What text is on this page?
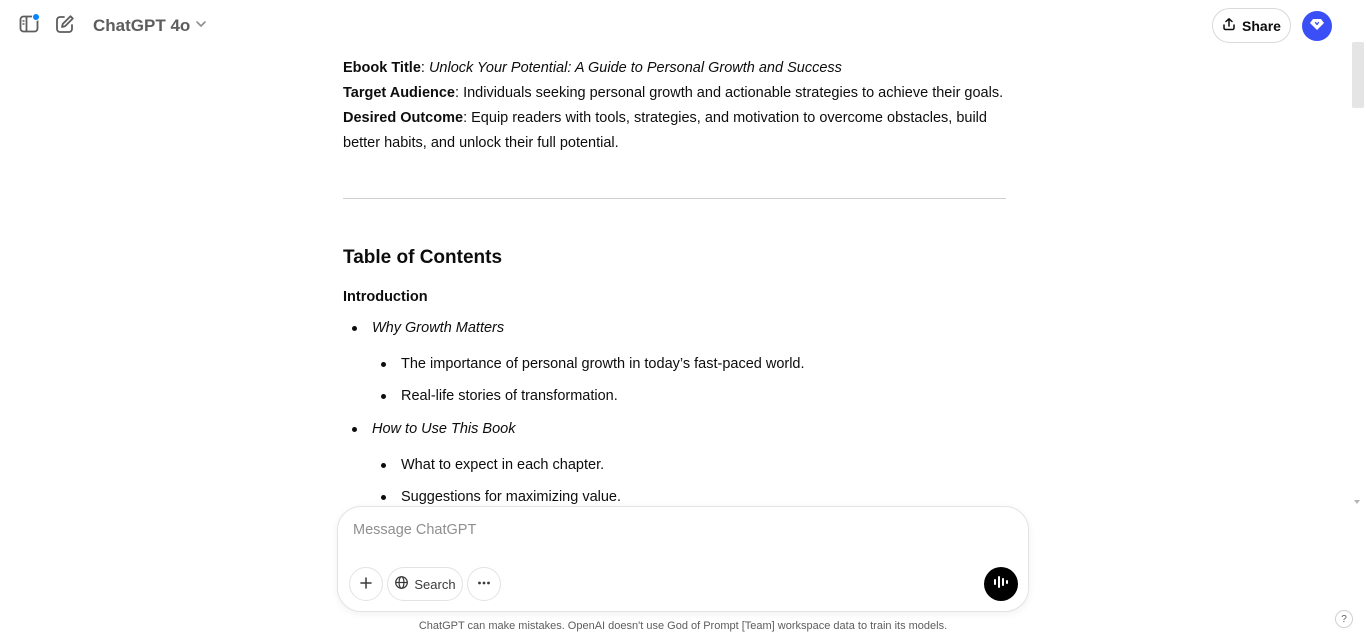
ChatGPT 4o	Share
Ebook Title: Unlock Your Potential: A Guide to Personal Growth and Success
Target Audience: Individuals seeking personal growth and actionable strategies to achieve their goals.
Desired Outcome: Equip readers with tools, strategies, and motivation to overcome obstacles, build better habits, and unlock their full potential.
Table of Contents
Introduction
Why Growth Matters
The importance of personal growth in today’s fast-paced world.
Real-life stories of transformation.
How to Use This Book
What to expect in each chapter.
Suggestions for maximizing value.
Message ChatGPT
Search
ChatGPT can make mistakes. OpenAI doesn't use God of Prompt [Team] workspace data to train its models.
?
